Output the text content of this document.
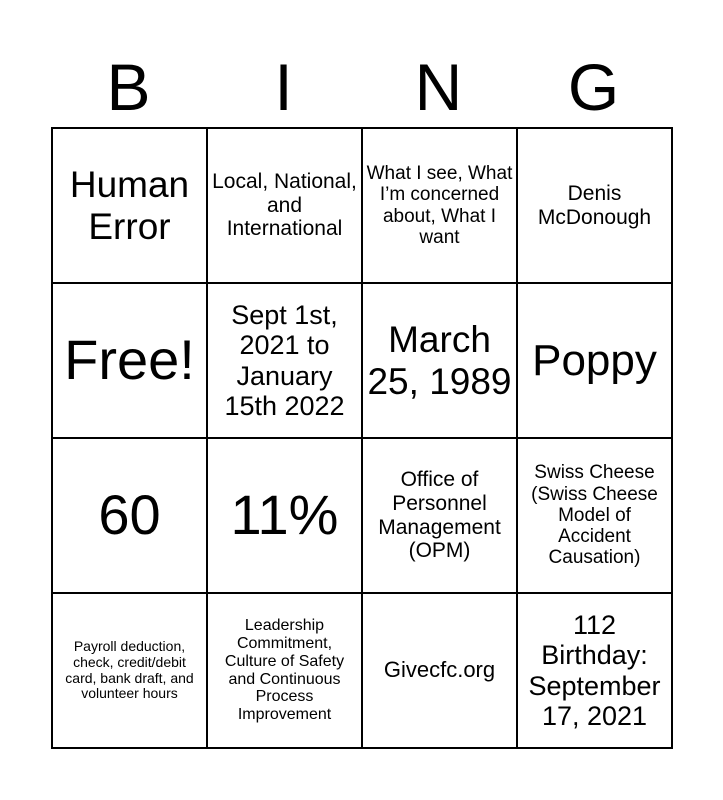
B	I	N	G
Human Error	Local, National, and International	What I see, What I’m concerned about, What I want	Denis McDonough
Free!	Sept 1st, 2021 to January 15th 2022	March 25, 1989	Poppy
60	11%	Office of Personnel Management (OPM)	Swiss Cheese (Swiss Cheese Model of Accident Causation)
Payroll deduction, check, credit/debit card, bank draft, and volunteer hours	Leadership Commitment, Culture of Safety and Continuous Process Improvement	Givecfc.org	112 Birthday: September 17, 2021
